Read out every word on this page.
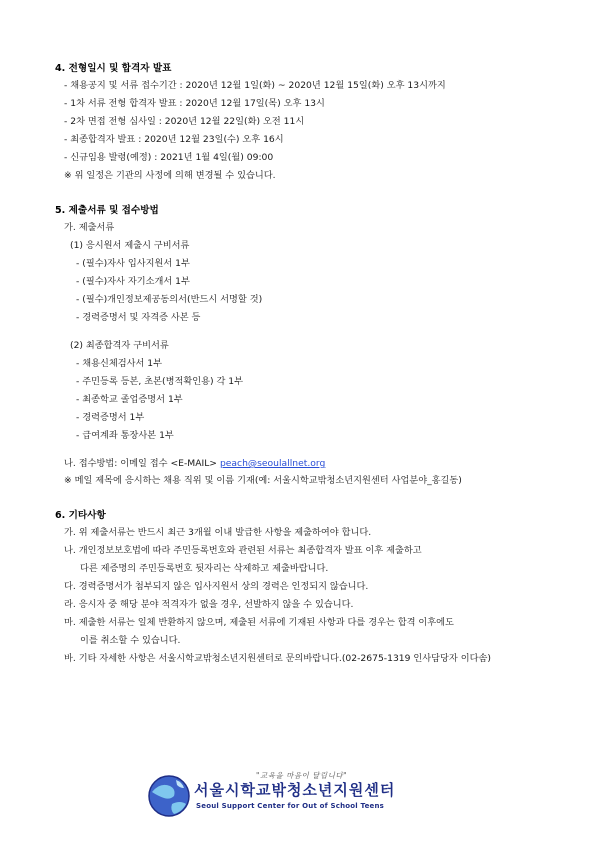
4. 전형일시 및 합격자 발표
- 채용공지 및 서류 접수기간 : 2020년 12월 1일(화) ~ 2020년 12월 15일(화) 오후 13시까지
- 1차 서류 전형 합격자 발표 : 2020년 12월 17일(목) 오후 13시
- 2차 면접 전형 심사일 : 2020년 12월 22일(화) 오전 11시
- 최종합격자 발표 : 2020년 12월 23일(수) 오후 16시
- 신규임용 발령(예정) : 2021년 1월 4일(월) 09:00
※ 위 일정은 기관의 사정에 의해 변경될 수 있습니다.
5. 제출서류 및 접수방법
가. 제출서류
(1) 응시원서 제출시 구비서류
- (필수)자사 입사지원서 1부
- (필수)자사 자기소개서 1부
- (필수)개인정보제공동의서(반드시 서명할 것)
- 경력증명서 및 자격증 사본 등
(2) 최종합격자 구비서류
- 채용신체검사서 1부
- 주민등록 등본, 초본(병적확인용) 각 1부
- 최종학교 졸업증명서 1부
- 경력증명서 1부
- 급여계좌 통장사본 1부
나. 접수방법: 이메일 접수 <E-MAIL> peach@seoulallnet.org
※ 메일 제목에 응시하는 채용 직위 및 이름 기재(예: 서울시학교밖청소년지원센터 사업분야_홍길동)
6. 기타사항
가. 위 제출서류는 반드시 최근 3개월 이내 발급한 사항을 제출하여야 합니다.
나. 개인정보보호법에 따라 주민등록번호와 관련된 서류는 최종합격자 발표 이후 제출하고
다른 제증명의 주민등록번호 뒷자리는 삭제하고 제출바랍니다.
다. 경력증명서가 첨부되지 않은 입사지원서 상의 경력은 인정되지 않습니다.
라. 응시자 중 해당 분야 적격자가 없을 경우, 선발하지 않을 수 있습니다.
마. 제출한 서류는 일체 반환하지 않으며, 제출된 서류에 기재된 사항과 다를 경우는 합격 이후에도
이를 취소할 수 있습니다.
바. 기타 자세한 사항은 서울시학교밖청소년지원센터로 문의바랍니다.(02-2675-1319 인사담당자 이다솜)
"교육을 마음이 달립니다"
서울시학교밖청소년지원센터
Seoul Support Center for Out of School Teens
